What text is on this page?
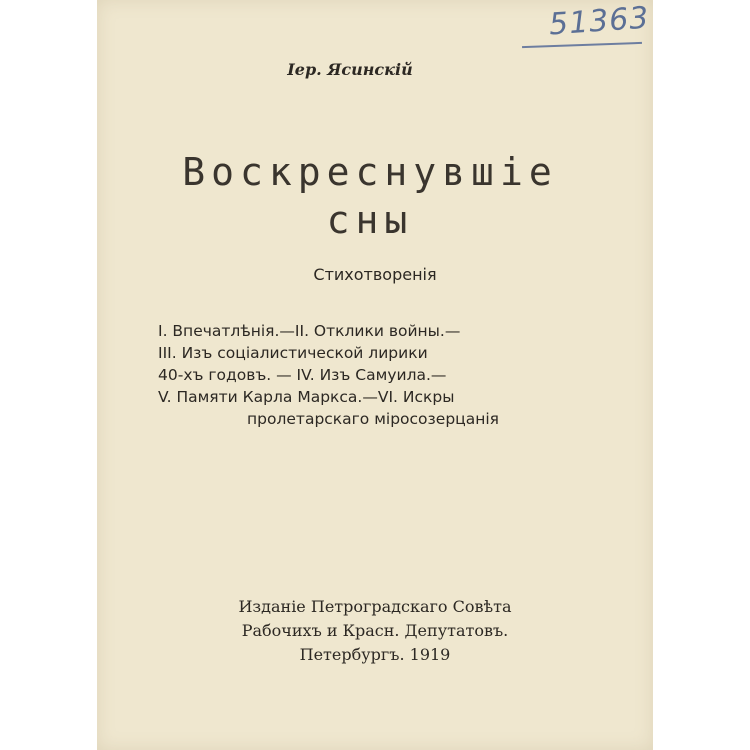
51363
Іер. Ясинскій
Воскреснувшіе
сны
Стихотворенія
I. Впечатлѣнія.—II. Отклики войны.—
III. Изъ соціалистической лирики
40-хъ годовъ. — IV. Изъ Самуила.—
V. Памяти Карла Маркса.—VI. Искры
пролетарскаго міросозерцанія
Изданіе Петроградскаго Совѣта
Рабочихъ и Красн. Депутатовъ.
Петербургъ. 1919
